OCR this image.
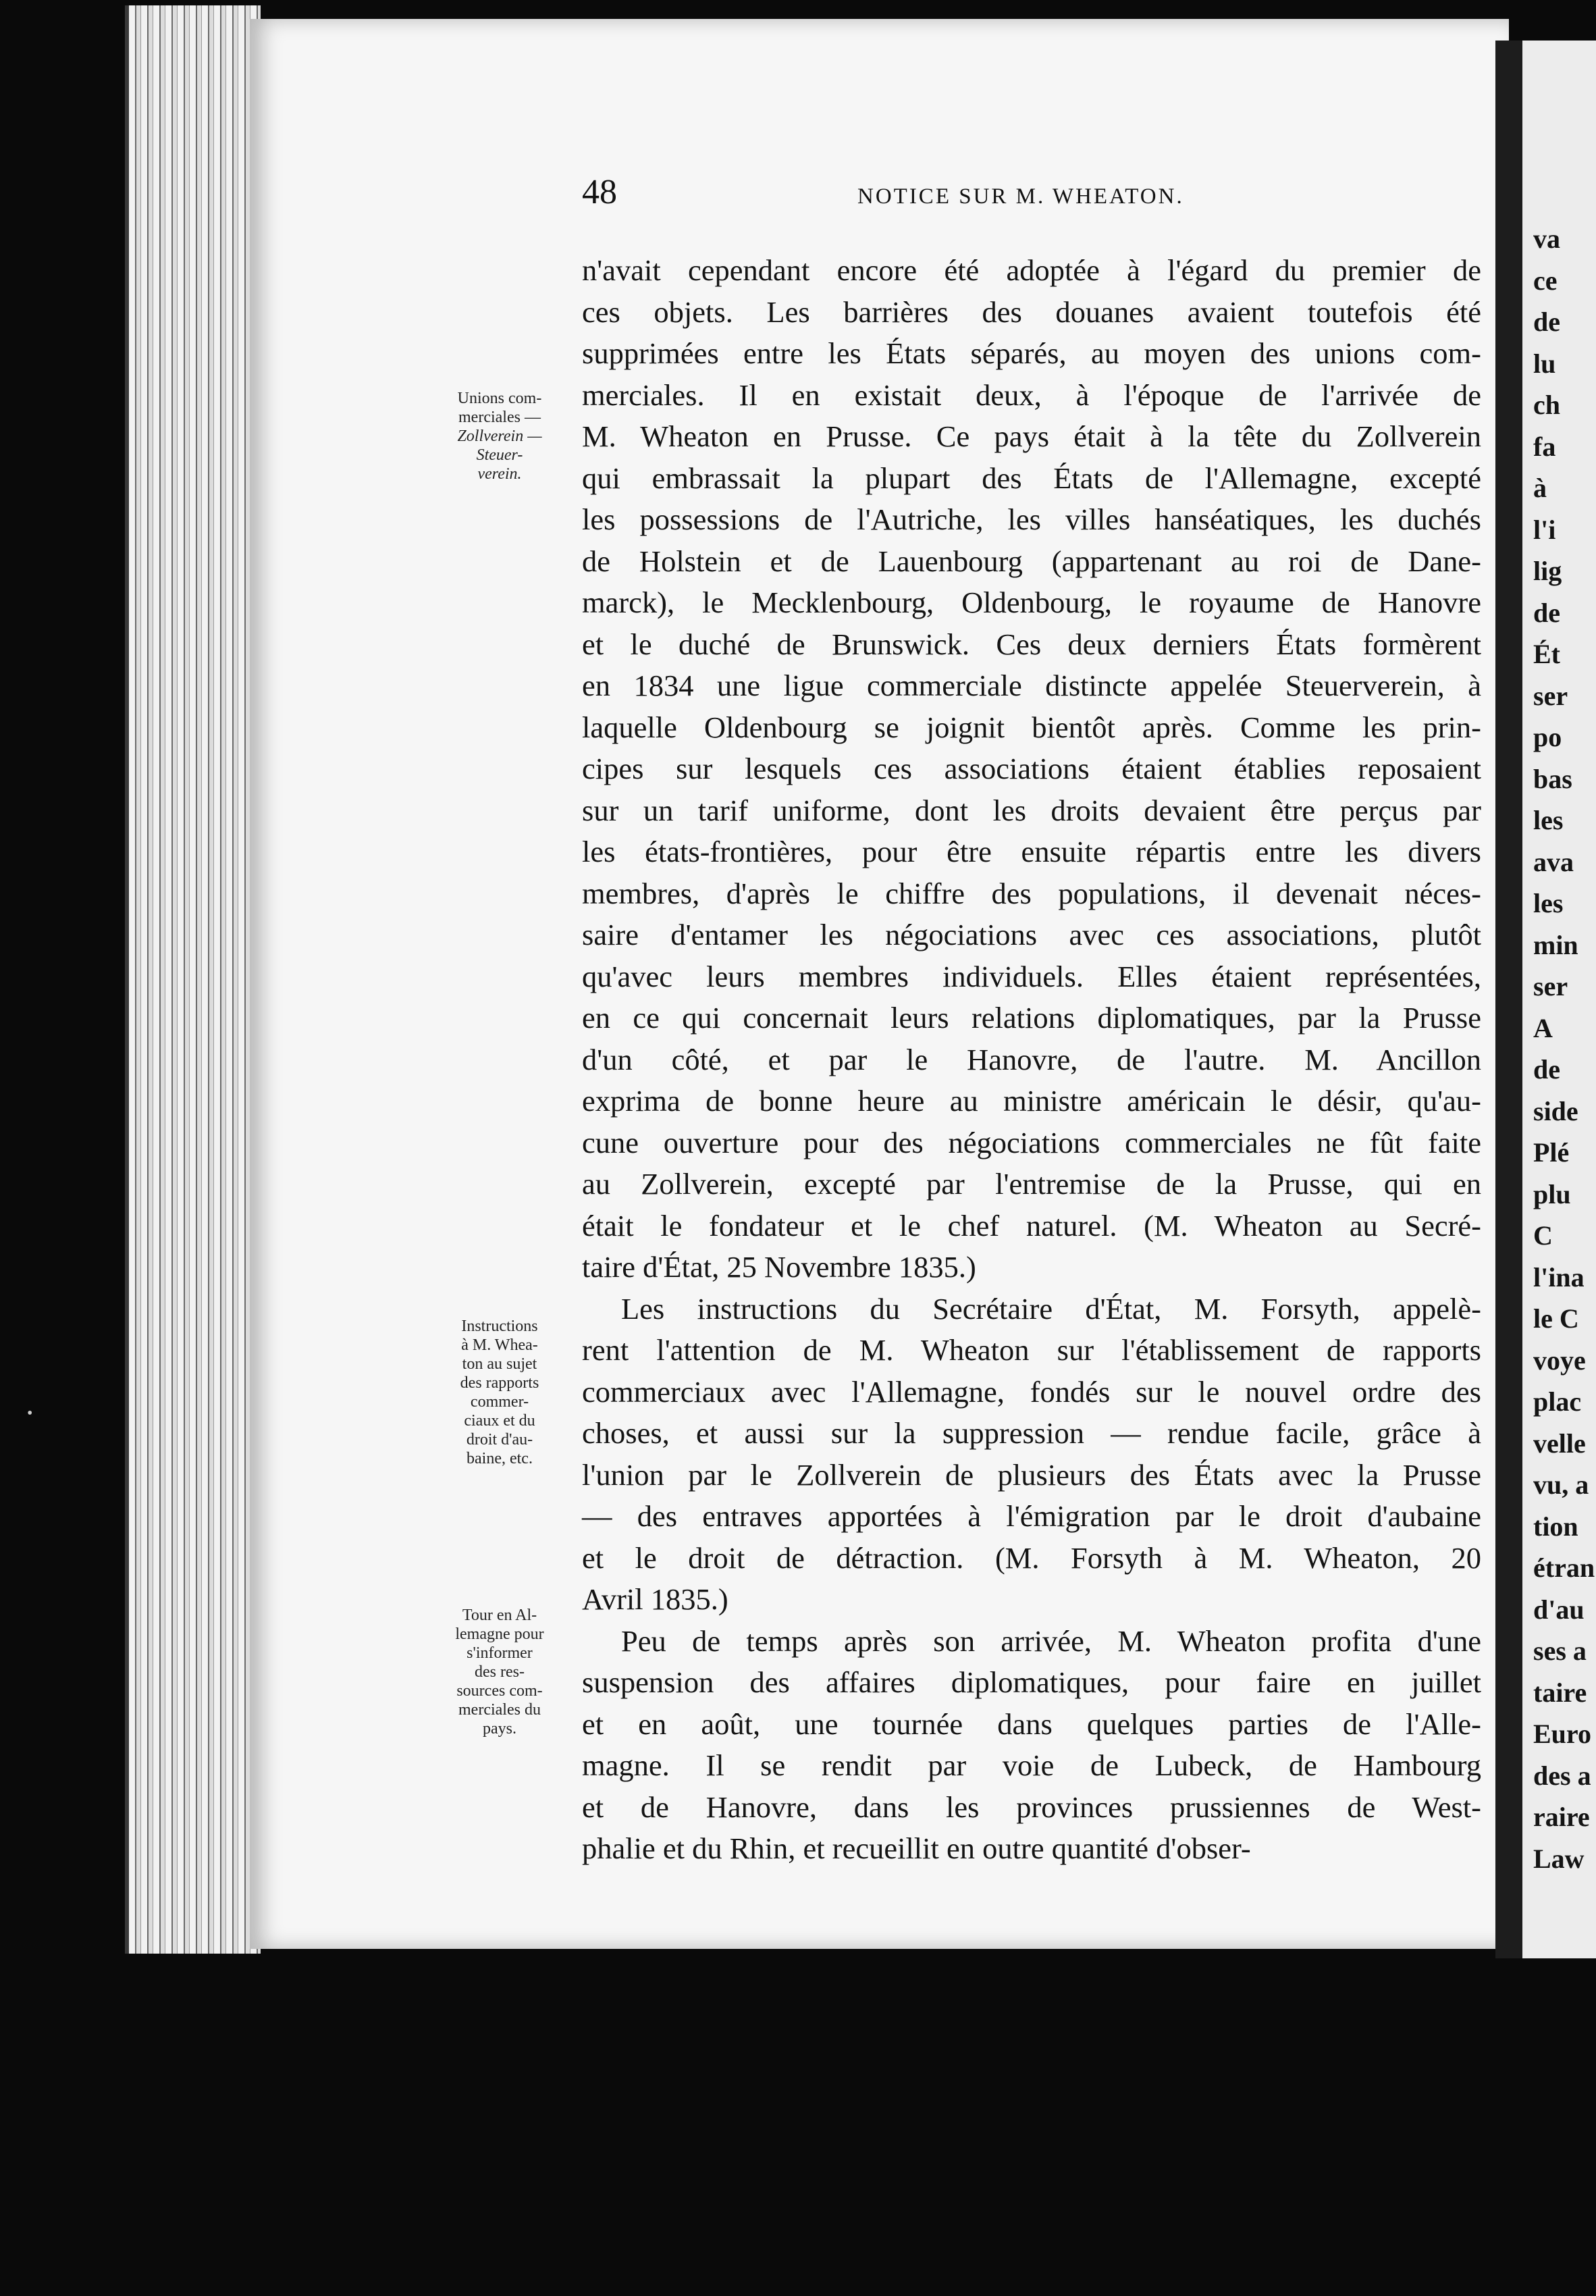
va
ce
de
lu
ch
fa
à
l'i
lig
de
Ét
ser
po
bas
les
ava
les
min
ser
A
de
side
Plé
plu
C
l'ina
le C
voye
plac
velle
vu, a
tion
étran
d'au
ses a
taire
Euro
des a
raire
Law
48	NOTICE SUR M. WHEATON.
Unions com-
merciales —
Zollverein —
Steuer-
verein.
Instructions
à M. Whea-
ton au sujet
des rapports
commer-
ciaux et du
droit d'au-
baine, etc.
Tour en Al-
lemagne pour
s'informer
des res-
sources com-
merciales du
pays.
n'avait cependant encore été adoptée à l'égard du premier de
ces objets. Les barrières des douanes avaient toutefois été
supprimées entre les États séparés, au moyen des unions com-
merciales. Il en existait deux, à l'époque de l'arrivée de
M. Wheaton en Prusse. Ce pays était à la tête du Zollverein
qui embrassait la plupart des États de l'Allemagne, excepté
les possessions de l'Autriche, les villes hanséatiques, les duchés
de Holstein et de Lauenbourg (appartenant au roi de Dane-
marck), le Mecklenbourg, Oldenbourg, le royaume de Hanovre
et le duché de Brunswick. Ces deux derniers États formèrent
en 1834 une ligue commerciale distincte appelée Steuerverein, à
laquelle Oldenbourg se joignit bientôt après. Comme les prin-
cipes sur lesquels ces associations étaient établies reposaient
sur un tarif uniforme, dont les droits devaient être perçus par
les états-frontières, pour être ensuite répartis entre les divers
membres, d'après le chiffre des populations, il devenait néces-
saire d'entamer les négociations avec ces associations, plutôt
qu'avec leurs membres individuels. Elles étaient représentées,
en ce qui concernait leurs relations diplomatiques, par la Prusse
d'un côté, et par le Hanovre, de l'autre. M. Ancillon
exprima de bonne heure au ministre américain le désir, qu'au-
cune ouverture pour des négociations commerciales ne fût faite
au Zollverein, excepté par l'entremise de la Prusse, qui en
était le fondateur et le chef naturel. (M. Wheaton au Secré-
taire d'État, 25 Novembre 1835.)
Les instructions du Secrétaire d'État, M. Forsyth, appelè-
rent l'attention de M. Wheaton sur l'établissement de rapports
commerciaux avec l'Allemagne, fondés sur le nouvel ordre des
choses, et aussi sur la suppression — rendue facile, grâce à
l'union par le Zollverein de plusieurs des États avec la Prusse
— des entraves apportées à l'émigration par le droit d'aubaine
et le droit de détraction. (M. Forsyth à M. Wheaton, 20
Avril 1835.)
Peu de temps après son arrivée, M. Wheaton profita d'une
suspension des affaires diplomatiques, pour faire en juillet
et en août, une tournée dans quelques parties de l'Alle-
magne. Il se rendit par voie de Lubeck, de Hambourg
et de Hanovre, dans les provinces prussiennes de West-
phalie et du Rhin, et recueillit en outre quantité d'obser-
•
